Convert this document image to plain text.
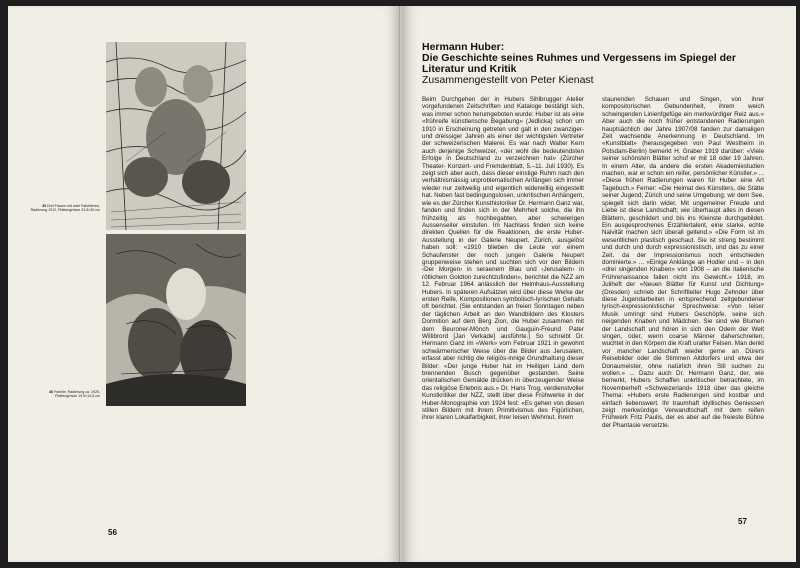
45 Drei Frauen mit zwei Fabeltieren, Radierung 1912, Plattengrösse 24.5×20 cm
46 Familie, Radierung ca. 1925, Plattengrösse 19.5×14.5 cm
56
Hermann Huber:
Die Geschichte seines Ruhmes und Vergessens im Spiegel der Literatur und Kritik
Zusammengestellt von Peter Kienast

Beim Durchgehen der in Hubers Sihlbrugger Atelier vorgefundenen Zeitschriften und Kataloge bestätigt sich, was immer schon herumgeboten wurde: Huber ist als eine «frühreife künstlerische Begabung» (Jedlicka) schon um 1910 in Erscheinung getreten und galt in den zwanziger- und dreissiger Jahren als einer der wichtigsten Vertreter der schweizerischen Malerei. Es war nach Walter Kern auch derjenige Schweizer, «der wohl die bedeutendsten Erfolge in Deutschland zu verzeichnen hat» (Zürcher Theater- Konzert- und Fremdenblatt, 5.–11. Juli 1930). Es zeigt sich aber auch, dass dieser einstige Ruhm nach den verhältnismässig unproblematischen Anfängen sich immer wieder nur zeitweilig und eigentlich widerwillig eingestellt hat. Neben fast bedingungslosen, unkritischen Anhängern, wie es der Zürcher Kunsthistoriker Dr. Hermann Ganz war, fanden und finden sich in der Mehrheit solche, die ihn frühzeitig als hochbegabten, aber schwierigen Aussenseiter einstufen. Im Nachlass finden sich keine direkten Quellen für die Reaktionen, die erste Huber-Ausstellung in der Galerie Neupert, Zürich, ausgelöst haben soll: «1910 blieben die Leute vor einem Schaufenster der noch jungen Galerie Neupert gruppenweise stehen und suchten sich vor den Bildern ‹Der Morgen› in seraenem Blau und ‹Jerusalem› in rötlichem Goldton zurechtzufinden», berichtet die NZZ am 12. Februar 1964 anlässlich der Helmhaus-Ausstellung Hubers. In späteren Aufsätzen wird über diese Werke der ersten Reife, Kompositionen symbolisch-lyrischen Gehalts oft berichtet. (Sie entstanden an freien Sonntagen neben der täglichen Arbeit an den Wandbildern des Klosters Dormition auf dem Berg Zion, die Huber zusammen mit dem Beuroner-Mönch und Gauguin-Freund Pater Willibrord [Jan Verkade] ausführte.) So schreibt Dr. Hermann Ganz im «Werk» vom Februar 1921 in gewohnt schwärmerischer Weise über die Bilder aus Jerusalem, erfasst aber richtig die religiös-innige Grundhaltung dieser Bilder: «Der junge Huber hat im Heiligen Land dem brennenden Busch gegenüber gestanden. Seine orientalischen Gemälde drücken in überzeugender Weise das religiöse Erlebnis aus.» Dr. Hans Trog, verdienstvoller Kunstkritiker der NZZ, stellt über diese Frühwerke in der Huber-Monographie von 1924 fest: «Es gehen von diesen stillen Bildern mit ihrem Primitivismus des Figürlichen, ihrer klaren Lokalfarbigkeit, ihrer leisen Wehmut, ihrem

staunenden Schauen und Singen, von ihrer kompositorischen Gebundenheit, ihrem weich schwingenden Linienfgefüge ein merkwürdiger Reiz aus.» Aber auch die noch früher entstandenen Radierungen hauptsächlich der Jahre 1907/08 fanden zur damaligen Zeit wachsende Anerkennung in Deutschland. Im «Kunstblatt» (herausgegeben von Paul Westheim in Potsdam-Berlin) bemerkt H. Graber 1919 darüber: «Viele seiner schönsten Blätter schuf er mit 18 oder 19 Jahren. In einem Alter, da andere die ersten Akademiestudien machen, war er schon ein reifer, persönlicher Künstler.» ... «Diese frühen Radierungen waren für Huber eine Art Tagebuch.» Ferner: «Die Heimat des Künstlers, die Stätte seiner Jugend; Zürich und seine Umgebung; wir dem See, spiegelt sich darin wider. Mit ungemeiner Freude und Liebe ist diese Landschaft; wie überhaupt alles in diesen Blättern, geschildert und bis ins Kleinste durchgebildet. Ein ausgesprochenes Erzählertalent, eine starke, echte Naivität machen sich überall geltend.» «Die Form ist im wesentlichen plastisch geschaut. Sie ist streng bestimmt und durch und durch expressionistisch, und das zu einer Zeit, da der Impressionismus noch entschieden dominierte.» ... «Einige Anklänge an Hodler und – in den «drei singenden Knaben» von 1908 – an die italienische Frührenaissance fallen nicht ins Gewicht.» 1918, im Juliheft der «Neuen Blätter für Kunst und Dichtung» (Dresden) schrieb der Schriftleiter Hugo Zehnder über diese Jugendarbeiten in entsprechend zeitgebundener lyrisch-expressionistischer Sprechweise: «Von leiser Musik umringt sind Hubers Geschöpfe, seine sich neigenden Knaben und Mädchen. Sie sind wie Blumen der Landschaft und hören in sich den Odem der Welt singen, oder, wenn coarse Männer daherschreiten, wuchtet in den Körpern die Kraft uralter Felsen. Man denkt vor mancher Landschaft wieder gerne an Dürers Reisebilder oder die Stimmen Altdorfers und etwa der Donaumeister, ohne natürlich ihren Stil suchen zu wollen.» ... Dazu auch Dr. Hermann Ganz, der, wie bemerkt, Hubers Schaffen unkritischer betrachtete, im Novemberheft «Schweizerland» 1918 über das gleiche Thema: «Hubers erste Radierungen sind kostbar und einfach liebenswert. Ihr traumhaft idyllisches Geniessen zeigt merkwürdige Verwandtschaft mit dem reifen Frühwerk Fritz Paulis, der es aber auf die freieste Bühne der Phantasie versetzte.

57
